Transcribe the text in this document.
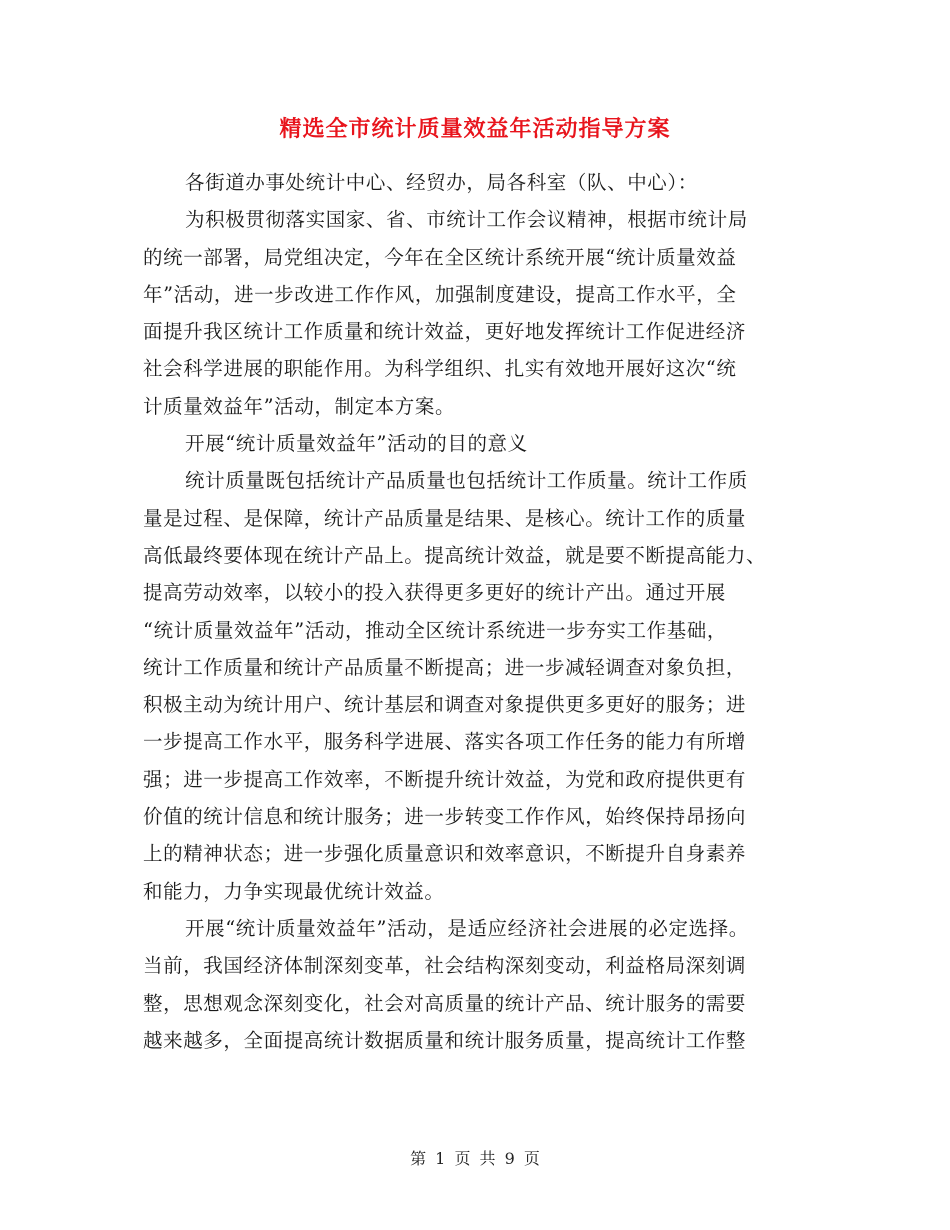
精选全市统计质量效益年活动指导方案
各街道办事处统计中心、经贸办，局各科室（队、中心）：
为积极贯彻落实国家、省、市统计工作会议精神，根据市统计局
的统一部署，局党组决定，今年在全区统计系统开展“统计质量效益
年”活动，进一步改进工作作风，加强制度建设，提高工作水平，全
面提升我区统计工作质量和统计效益，更好地发挥统计工作促进经济
社会科学进展的职能作用。为科学组织、扎实有效地开展好这次“统
计质量效益年”活动，制定本方案。
开展“统计质量效益年”活动的目的意义
统计质量既包括统计产品质量也包括统计工作质量。统计工作质
量是过程、是保障，统计产品质量是结果、是核心。统计工作的质量
高低最终要体现在统计产品上。提高统计效益，就是要不断提高能力、
提高劳动效率，以较小的投入获得更多更好的统计产出。通过开展
“统计质量效益年”活动，推动全区统计系统进一步夯实工作基础，
统计工作质量和统计产品质量不断提高；进一步减轻调查对象负担，
积极主动为统计用户、统计基层和调查对象提供更多更好的服务；进
一步提高工作水平，服务科学进展、落实各项工作任务的能力有所增
强；进一步提高工作效率，不断提升统计效益，为党和政府提供更有
价值的统计信息和统计服务；进一步转变工作作风，始终保持昂扬向
上的精神状态；进一步强化质量意识和效率意识，不断提升自身素养
和能力，力争实现最优统计效益。
开展“统计质量效益年”活动，是适应经济社会进展的必定选择。
当前，我国经济体制深刻变革，社会结构深刻变动，利益格局深刻调
整，思想观念深刻变化，社会对高质量的统计产品、统计服务的需要
越来越多，全面提高统计数据质量和统计服务质量，提高统计工作整
第 1 页 共 9 页
